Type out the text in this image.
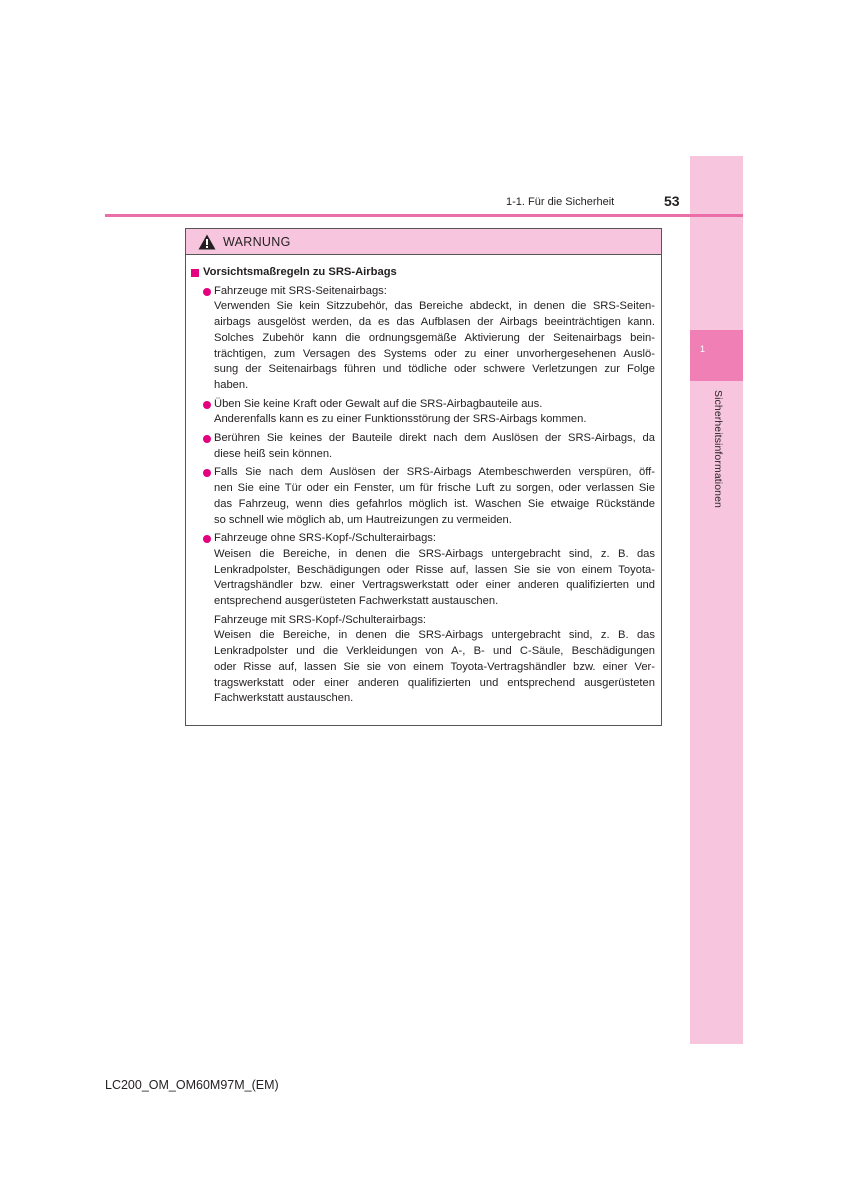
1
Sicherheitsinformationen
1-1. Für die Sicherheit	53
WARNUNG
Vorsichtsmaßregeln zu SRS-Airbags
Fahrzeuge mit SRS-Seitenairbags:
Verwenden Sie kein Sitzzubehör, das Bereiche abdeckt, in denen die SRS-Seiten-
airbags ausgelöst werden, da es das Aufblasen der Airbags beeinträchtigen kann.
Solches Zubehör kann die ordnungsgemäße Aktivierung der Seitenairbags bein-
trächtigen, zum Versagen des Systems oder zu einer unvorhergesehenen Auslö-
sung der Seitenairbags führen und tödliche oder schwere Verletzungen zur Folge
haben.
Üben Sie keine Kraft oder Gewalt auf die SRS-Airbagbauteile aus.
Anderenfalls kann es zu einer Funktionsstörung der SRS-Airbags kommen.
Berühren Sie keines der Bauteile direkt nach dem Auslösen der SRS-Airbags, da
diese heiß sein können.
Falls Sie nach dem Auslösen der SRS-Airbags Atembeschwerden verspüren, öff-
nen Sie eine Tür oder ein Fenster, um für frische Luft zu sorgen, oder verlassen Sie
das Fahrzeug, wenn dies gefahrlos möglich ist. Waschen Sie etwaige Rückstände
so schnell wie möglich ab, um Hautreizungen zu vermeiden.
Fahrzeuge ohne SRS-Kopf-/Schulterairbags:
Weisen die Bereiche, in denen die SRS-Airbags untergebracht sind, z. B. das
Lenkradpolster, Beschädigungen oder Risse auf, lassen Sie sie von einem Toyota-
Vertragshändler bzw. einer Vertragswerkstatt oder einer anderen qualifizierten und
entsprechend ausgerüsteten Fachwerkstatt austauschen.
Fahrzeuge mit SRS-Kopf-/Schulterairbags:
Weisen die Bereiche, in denen die SRS-Airbags untergebracht sind, z. B. das
Lenkradpolster und die Verkleidungen von A-, B- und C-Säule, Beschädigungen
oder Risse auf, lassen Sie sie von einem Toyota-Vertragshändler bzw. einer Ver-
tragswerkstatt oder einer anderen qualifizierten und entsprechend ausgerüsteten
Fachwerkstatt austauschen.
LC200_OM_OM60M97M_(EM)
